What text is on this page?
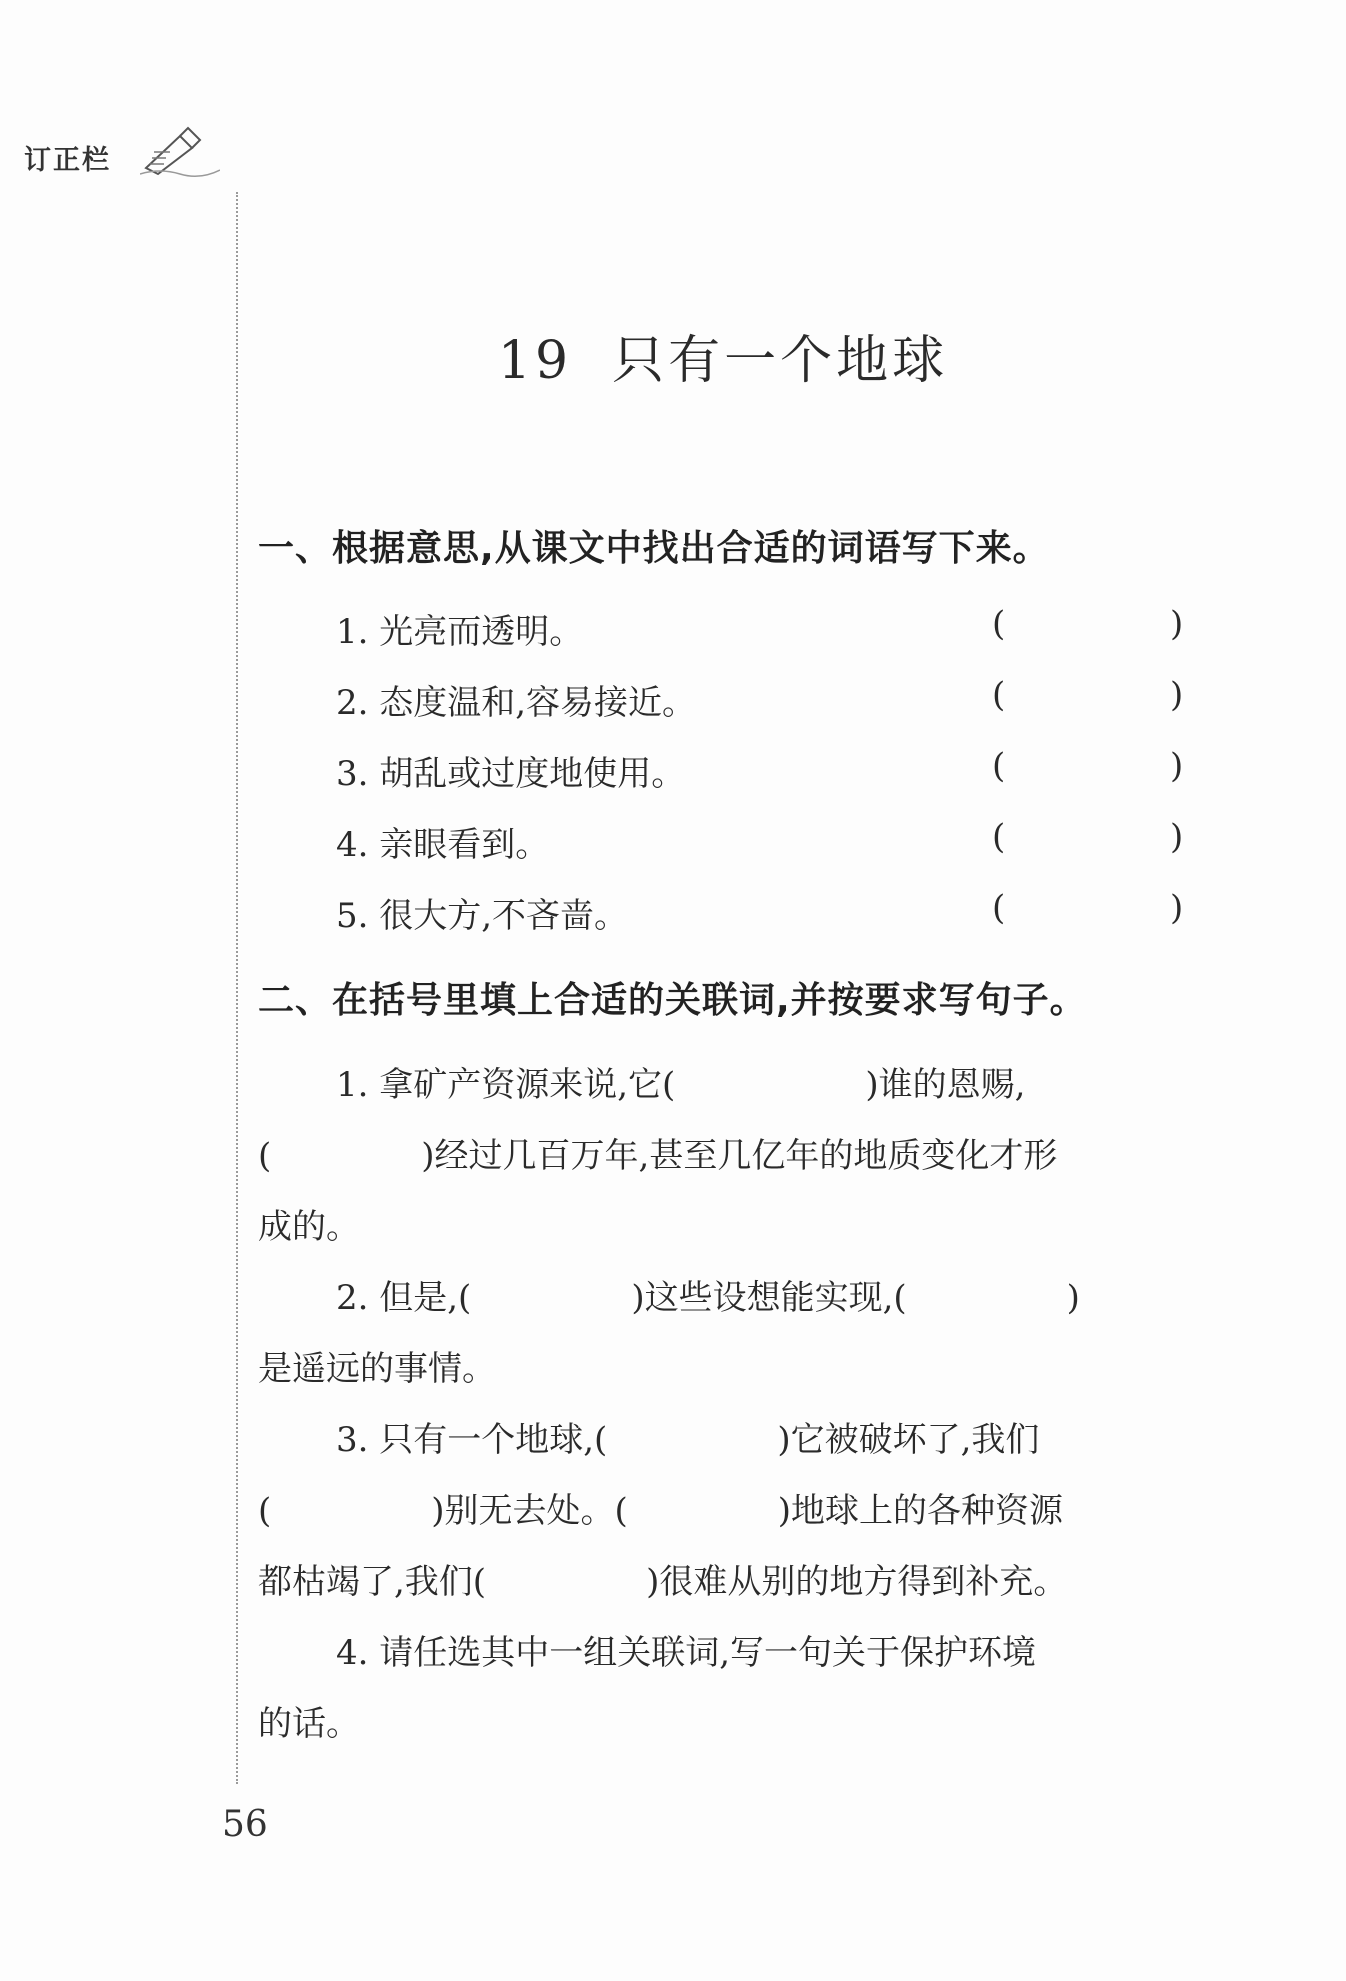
订正栏
19 只有一个地球
一、根据意思,从课文中找出合适的词语写下来。
1. 光亮而透明。	(	)
2. 态度温和,容易接近。	(	)
3. 胡乱或过度地使用。	(	)
4. 亲眼看到。	(	)
5. 很大方,不吝啬。	(	)
二、在括号里填上合适的关联词,并按要求写句子。
1. 拿矿产资源来说,它(	)谁的恩赐,
(	)经过几百万年,甚至几亿年的地质变化才形
成的。
2. 但是,(	)这些设想能实现,(	)
是遥远的事情。
3. 只有一个地球,(	)它被破坏了,我们
(	)别无去处。(	)地球上的各种资源
都枯竭了,我们(	)很难从别的地方得到补充。
4. 请任选其中一组关联词,写一句关于保护环境
的话。
56
